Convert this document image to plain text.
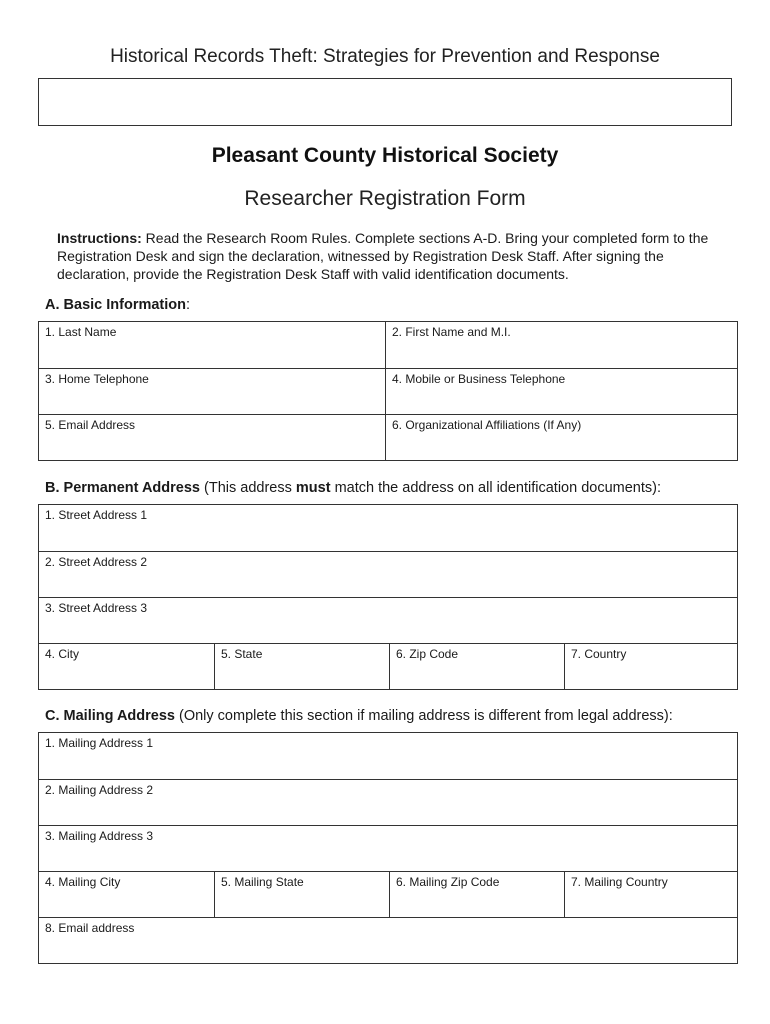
Historical Records Theft: Strategies for Prevention and Response
Pleasant County Historical Society
Researcher Registration Form
Instructions: Read the Research Room Rules. Complete sections A-D. Bring your completed form to the Registration Desk and sign the declaration, witnessed by Registration Desk Staff. After signing the declaration, provide the Registration Desk Staff with valid identification documents.
A. Basic Information:
1. Last Name	2. First Name and M.I.
3. Home Telephone	4. Mobile or Business Telephone
5. Email Address	6. Organizational Affiliations (If Any)
B. Permanent Address (This address must match the address on all identification documents):
1. Street Address 1
2. Street Address 2
3. Street Address 3
4. City	5. State	6. Zip Code	7. Country
C. Mailing Address (Only complete this section if mailing address is different from legal address):
1. Mailing Address 1
2. Mailing Address 2
3. Mailing Address 3
4. Mailing City	5. Mailing State	6. Mailing Zip Code	7. Mailing Country
8. Email address
